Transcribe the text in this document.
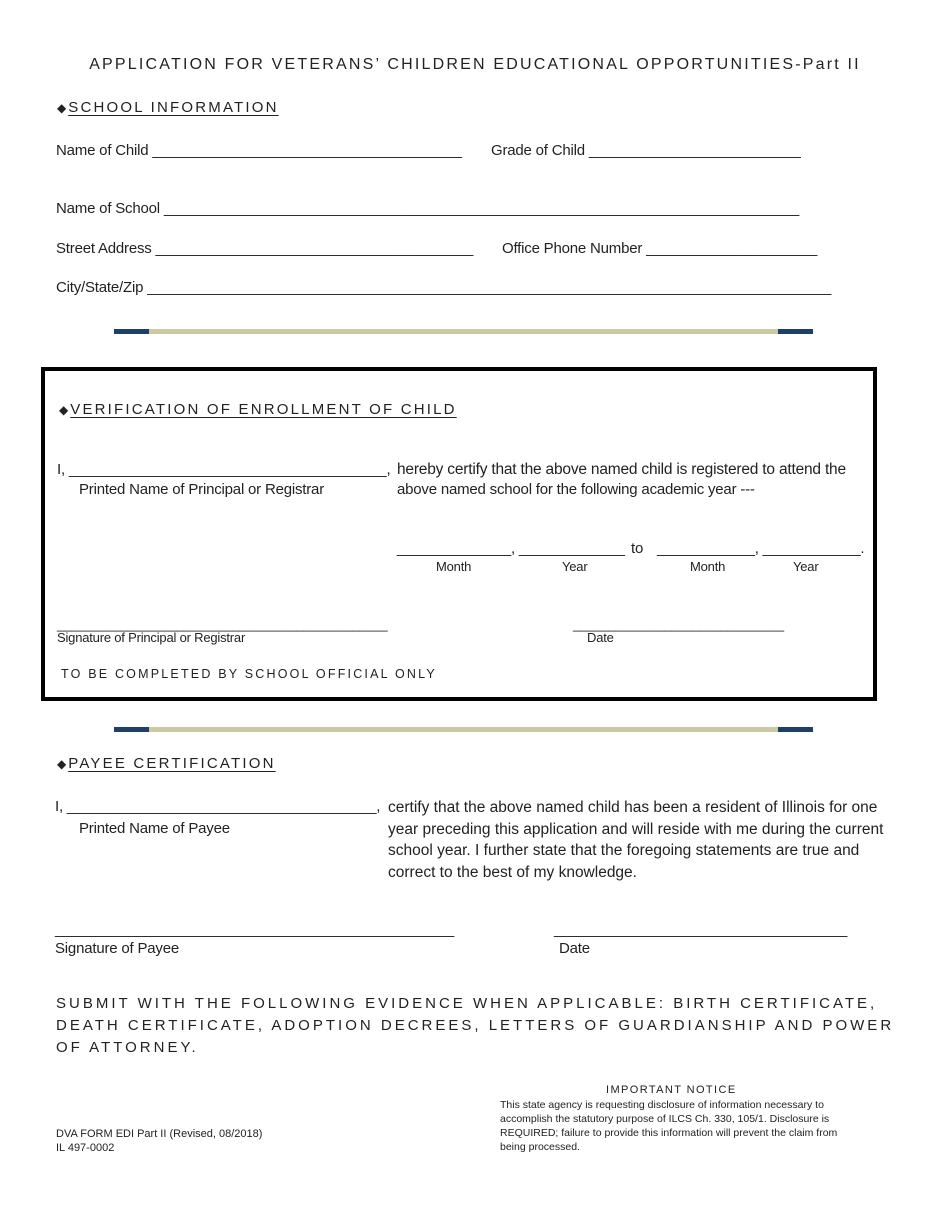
APPLICATION FOR VETERANS’ CHILDREN EDUCATIONAL OPPORTUNITIES-Part II
◆ SCHOOL INFORMATION
Name of Child ______________________________________ Grade of Child __________________________
Name of School ______________________________________________________________________________
Street Address _______________________________________ Office Phone Number _____________________
City/State/Zip ____________________________________________________________________________________
◆ VERIFICATION OF ENROLLMENT OF CHILD
I, _______________________________________, hereby certify that the above named child is registered to attend the
Printed Name of Principal or Registrar	above named school for the following academic year ---
______________, _____________ to ____________, ____________.
Month	Year	Month	Year
_______________________________________________	______________________________
Signature of Principal or Registrar	Date
TO BE COMPLETED BY SCHOOL OFFICIAL ONLY
◆ PAYEE CERTIFICATION
I, ______________________________________, certify that the above named child has been a resident of Illinois for one year preceding this application and will reside with me during the current school year. I further state that the foregoing statements are true and correct to the best of my knowledge.
Printed Name of Payee
_________________________________________________	____________________________________
Signature of Payee	Date
SUBMIT WITH THE FOLLOWING EVIDENCE WHEN APPLICABLE: BIRTH CERTIFICATE, DEATH CERTIFICATE, ADOPTION DECREES, LETTERS OF GUARDIANSHIP AND POWER OF ATTORNEY.
IMPORTANT NOTICE
This state agency is requesting disclosure of information necessary to accomplish the statutory purpose of ILCS Ch. 330, 105/1. Disclosure is REQUIRED; failure to provide this information will prevent the claim from being processed.
DVA FORM EDI Part II (Revised, 08/2018)
IL 497-0002
